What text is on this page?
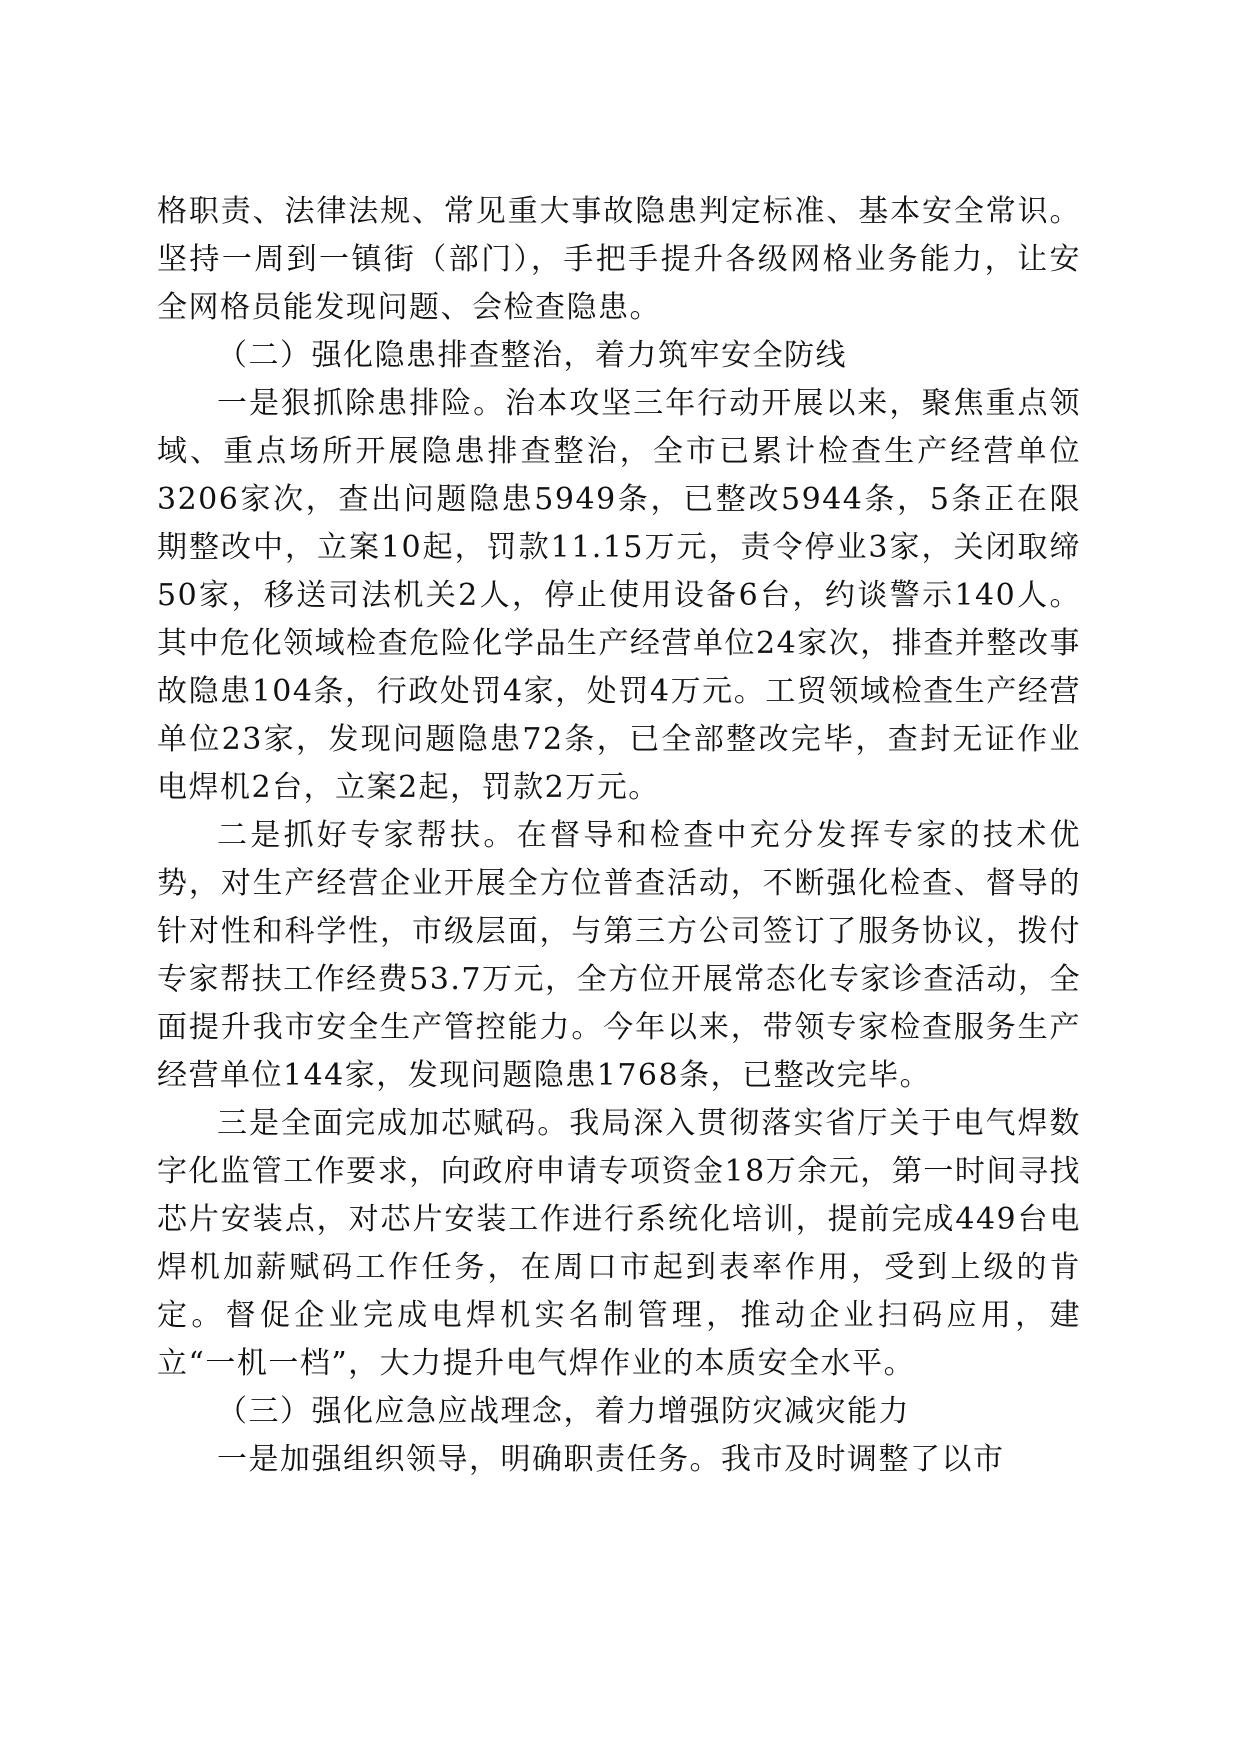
格职责、法律法规、常见重大事故隐患判定标准、基本安全常识。坚持一周到一镇街（部门），手把手提升各级网格业务能力，让安全网格员能发现问题、会检查隐患。

（二）强化隐患排查整治，着力筑牢安全防线

一是狠抓除患排险。治本攻坚三年行动开展以来，聚焦重点领域、重点场所开展隐患排查整治，全市已累计检查生产经营单位3206家次，查出问题隐患5949条，已整改5944条，5条正在限期整改中，立案10起，罚款11.15万元，责令停业3家，关闭取缔50家，移送司法机关2人，停止使用设备6台，约谈警示140人。其中危化领域检查危险化学品生产经营单位24家次，排查并整改事故隐患104条，行政处罚4家，处罚4万元。工贸领域检查生产经营单位23家，发现问题隐患72条，已全部整改完毕，查封无证作业电焊机2台，立案2起，罚款2万元。

二是抓好专家帮扶。在督导和检查中充分发挥专家的技术优势，对生产经营企业开展全方位普查活动，不断强化检查、督导的针对性和科学性，市级层面，与第三方公司签订了服务协议，拨付专家帮扶工作经费53.7万元，全方位开展常态化专家诊查活动，全面提升我市安全生产管控能力。今年以来，带领专家检查服务生产经营单位144家，发现问题隐患1768条，已整改完毕。

三是全面完成加芯赋码。我局深入贯彻落实省厅关于电气焊数字化监管工作要求，向政府申请专项资金18万余元，第一时间寻找芯片安装点，对芯片安装工作进行系统化培训，提前完成449台电焊机加薪赋码工作任务，在周口市起到表率作用，受到上级的肯定。督促企业完成电焊机实名制管理，推动企业扫码应用，建立“一机一档”，大力提升电气焊作业的本质安全水平。

（三）强化应急应战理念，着力增强防灾减灾能力

一是加强组织领导，明确职责任务。我市及时调整了以市
